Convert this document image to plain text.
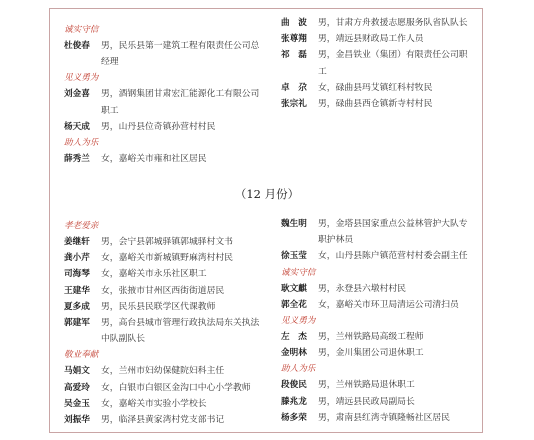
诚实守信
杜俊春	男，民乐县第一建筑工程有限责任公司总经理
见义勇为
刘金喜	男，酒钢集团甘肃宏汇能源化工有限公司职工
杨天成	男，山丹县位奇镇孙营村村民
助人为乐
薛秀兰	女，嘉峪关市雍和社区居民
曲　波	男，甘肃方舟救援志愿服务队省队队长
张尊翔	男，靖远县财政局工作人员
祁　磊	男，金昌铁业（集团）有限责任公司职工
卓　尕	女，碌曲县玛艾镇红科村牧民
张宗礼	男，碌曲县西仓镇新寺村村民
（12 月份）
孝老爱亲
姜继轩	男，会宁县郭城驿镇郭城驿村文书
龚小芹	女，嘉峪关市新城镇野麻湾村村民
司海琴	女，嘉峪关市永乐社区职工
王建华	女，张掖市甘州区西街街道居民
夏多成	男，民乐县民联学区代课教师
郭建军	男，高台县城市管理行政执法局东关执法中队副队长
敬业奉献
马娟文	女，兰州市妇幼保健院妇科主任
高爱玲	女，白银市白银区金沟口中心小学教师
吴金玉	女，嘉峪关市实验小学校长
刘振华	男，临泽县黄家湾村党支部书记
魏生明	男，金塔县国家重点公益林管护大队专职护林员
徐玉莹	女，山丹县陈户镇范营村村委会副主任
诚实守信
耿文麒	男，永登县六墩村村民
郭全花	女，嘉峪关市环卫局清运公司清扫员
见义勇为
左　杰	男，兰州铁路局高级工程师
金明林	男，金川集团公司退休职工
助人为乐
段俊民	男，兰州铁路局退休职工
滕兆龙	男，靖远县民政局副局长
杨多荣	男，肃南县红湾寺镇隆畅社区居民
